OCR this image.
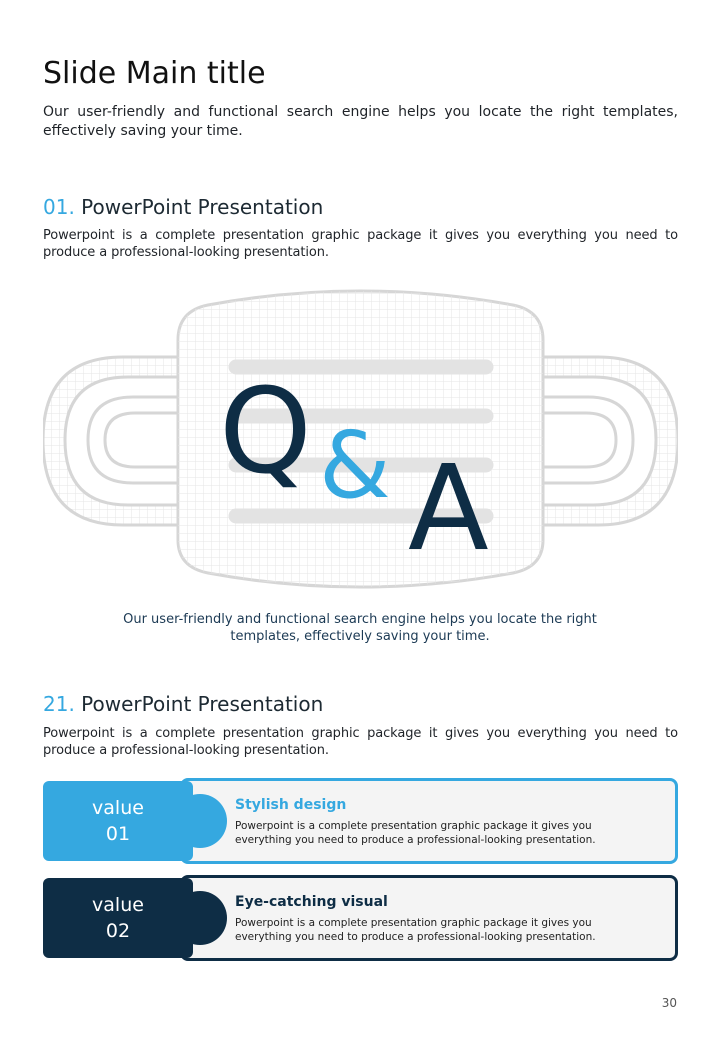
Slide Main title
Our user-friendly and functional search engine helps you locate the right templates, effectively saving your time.
01. PowerPoint Presentation
Powerpoint is a complete presentation graphic package it gives you everything you need to produce a professional-looking presentation.
Q & A
Our user-friendly and functional search engine helps you locate the right templates, effectively saving your time.
21. PowerPoint Presentation
Powerpoint is a complete presentation graphic package it gives you everything you need to produce a professional-looking presentation.
value
01
Stylish design
Powerpoint is a complete presentation graphic package it gives you everything you need to produce a professional-looking presentation.
value
02
Eye-catching visual
Powerpoint is a complete presentation graphic package it gives you everything you need to produce a professional-looking presentation.
30
